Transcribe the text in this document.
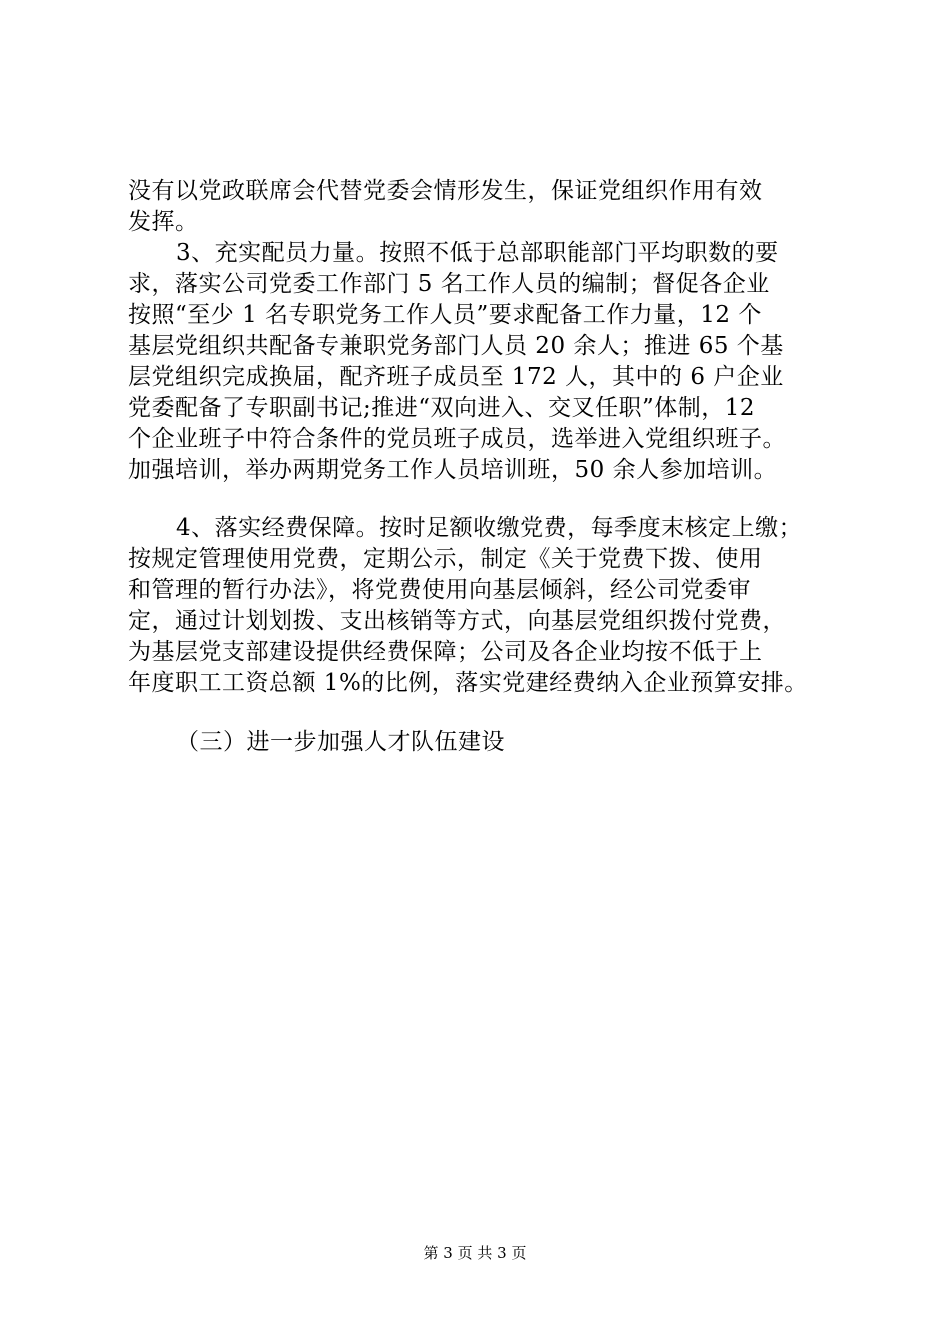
没有以党政联席会代替党委会情形发生，保证党组织作用有效
发挥。
3、充实配员力量。按照不低于总部职能部门平均职数的要
求，落实公司党委工作部门 5 名工作人员的编制；督促各企业
按照“至少 1 名专职党务工作人员”要求配备工作力量，12 个
基层党组织共配备专兼职党务部门人员 20 余人；推进 65 个基
层党组织完成换届，配齐班子成员至 172 人，其中的 6 户企业
党委配备了专职副书记;推进“双向进入、交叉任职”体制，12
个企业班子中符合条件的党员班子成员，选举进入党组织班子。
加强培训，举办两期党务工作人员培训班，50 余人参加培训。
4、落实经费保障。按时足额收缴党费，每季度末核定上缴；
按规定管理使用党费，定期公示，制定《关于党费下拨、使用
和管理的暂行办法》，将党费使用向基层倾斜，经公司党委审
定，通过计划划拨、支出核销等方式，向基层党组织拨付党费，
为基层党支部建设提供经费保障；公司及各企业均按不低于上
年度职工工资总额 1%的比例，落实党建经费纳入企业预算安排。
（三）进一步加强人才队伍建设
第 3 页 共 3 页
